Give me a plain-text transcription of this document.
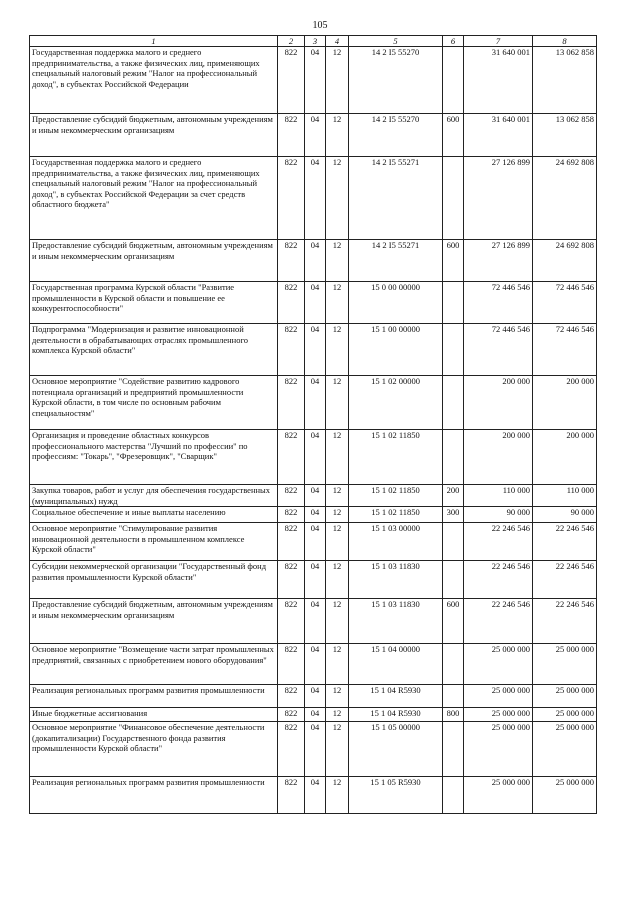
105
1	2	3	4	5	6	7	8
Государственная поддержка малого и среднего предпринимательства, а также физических лиц, применяющих специальный налоговый режим "Налог на профессиональный доход", в субъектах Российской Федерации	822	04	12	14 2 I5 55270		31 640 001	13 062 858
Предоставление субсидий бюджетным, автономным учреждениям и иным некоммерческим организациям	822	04	12	14 2 I5 55270	600	31 640 001	13 062 858
Государственная поддержка малого и среднего предпринимательства, а также физических лиц, применяющих специальный налоговый режим "Налог на профессиональный доход", в субъектах Российской Федерации за счет средств областного бюджета"	822	04	12	14 2 I5 55271		27 126 899	24 692 808
Предоставление субсидий бюджетным, автономным учреждениям и иным некоммерческим организациям	822	04	12	14 2 I5 55271	600	27 126 899	24 692 808
Государственная программа Курской области "Развитие промышленности в Курской области и повышение ее конкурентоспособности"	822	04	12	15 0 00 00000		72 446 546	72 446 546
Подпрограмма "Модернизация и развитие инновационной деятельности в обрабатывающих отраслях промышленного комплекса Курской области"	822	04	12	15 1 00 00000		72 446 546	72 446 546
Основное мероприятие "Содействие развитию кадрового потенциала организаций и предприятий промышленности Курской области, в том числе по основным рабочим специальностям"	822	04	12	15 1 02 00000		200 000	200 000
Организация и проведение областных конкурсов профессионального мастерства "Лучший по профессии" по профессиям: "Токарь", "Фрезеровщик", "Сварщик"	822	04	12	15 1 02 11850		200 000	200 000
Закупка товаров, работ и услуг для обеспечения государственных (муниципальных) нужд	822	04	12	15 1 02 11850	200	110 000	110 000
Социальное обеспечение и иные выплаты населению	822	04	12	15 1 02 11850	300	90 000	90 000
Основное мероприятие "Стимулирование развития инновационной деятельности в промышленном комплексе Курской области"	822	04	12	15 1 03 00000		22 246 546	22 246 546
Субсидии некоммерческой организации "Государственный фонд развития промышленности Курской области"	822	04	12	15 1 03 11830		22 246 546	22 246 546
Предоставление субсидий бюджетным, автономным учреждениям и иным некоммерческим организациям	822	04	12	15 1 03 11830	600	22 246 546	22 246 546
Основное мероприятие "Возмещение части затрат промышленных предприятий, связанных с приобретением нового оборудования"	822	04	12	15 1 04 00000		25 000 000	25 000 000
Реализация региональных программ развития промышленности	822	04	12	15 1 04 R5930		25 000 000	25 000 000
Иные бюджетные ассигнования	822	04	12	15 1 04 R5930	800	25 000 000	25 000 000
Основное мероприятие "Финансовое обеспечение деятельности (докапитализации) Государственного фонда развития промышленности Курской области"	822	04	12	15 1 05 00000		25 000 000	25 000 000
Реализация региональных программ развития промышленности	822	04	12	15 1 05 R5930		25 000 000	25 000 000
